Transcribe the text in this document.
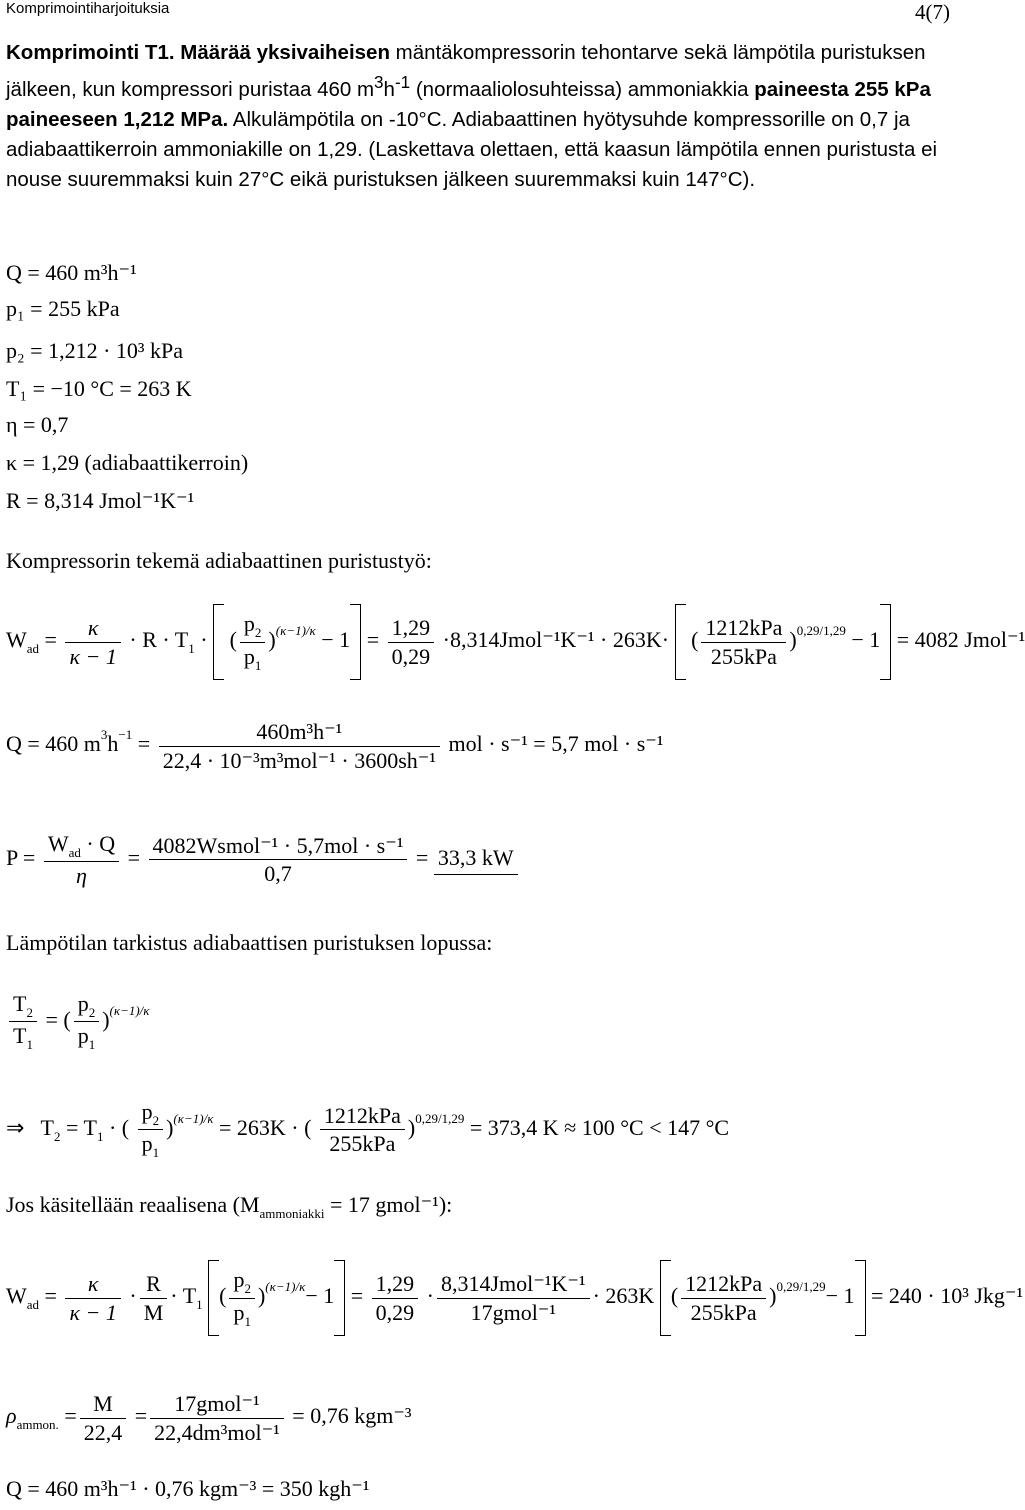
Komprimointiharjoituksia	4(7)
Komprimointi T1. Määrää yksivaiheisen mäntäkompressorin tehontarve sekä lämpötila puristuksen jälkeen, kun kompressori puristaa 460 $m^3h^{-1}$ (normaaliolosuhteissa) ammoniakkia paineesta 255 kPa paineeseen 1,212 MPa. Alkulämpötila on -10°C. Adiabaattinen hyötysuhde kompressorille on 0,7 ja adiabaattikerroin ammoniakille on 1,29. (Laskettava olettaen, että kaasun lämpötila ennen puristusta ei nouse suuremmaksi kuin 27°C eikä puristuksen jälkeen suuremmaksi kuin 147°C).
Q = 460 m³h⁻¹
p₁ = 255 kPa
p₂ = 1,212 · 10³ kPa
T₁ = −10 °C = 263 K
η = 0,7
κ = 1,29 (adiabaattikerroin)
R = 8,314 Jmol⁻¹K⁻¹
Kompressorin tekemä adiabaattinen puristustyö:
$W_{ad} = \frac{\kappa}{\kappa - 1} \cdot R \cdot T_1$ · ( $\frac{p_2}{p_1} )^{(\kappa-1)/\kappa} - 1 = \frac{1,29}{0,29}$ ·8,314Jmol⁻¹K⁻¹ · 263K· ( 1212kPa
255kPa
)$^{0,29/1,29}$ − 1 = 4082 Jmol⁻¹
Q = 460 $m^3h^{-1}$ =	460m³h⁻¹
22,4 · 10⁻³m³mol⁻¹ · 3600sh⁻¹
mol · s⁻¹ = 5,7 mol · s⁻¹
P =
$W_{ad} \cdot Q$
η
= 4082Wsmol⁻¹ · 5,7mol · s⁻¹
0,7
= 33,3 kW
Lämpötilan tarkistus adiabaattisen puristuksen lopussa:
$\frac{T_2}{T_1}$ = ( $\frac{p_2}{p_1} )^{(\kappa-1)/\kappa}$
⇒   $T_2 = T_1$ · ( $\frac{p_2}{p_1} )^{(\kappa-1)/\kappa} = 263K$ · ( 1212kPa
255kPa
)$^{0,29/1,29}$ = 373,4 K ≈ 100 °C < 147 °C
Jos käsitellään reaalisena ($M_{ammoniakki} = 17$ gmol⁻¹):
$W_{ad} = \frac{\kappa}{\kappa - 1} \cdot \frac{R}{M} \cdot T_1$ ( $\frac{p_2}{p_1} )^{(\kappa-1)/\kappa}- 1 = \frac{1,29}{0,29}$ · 8,314Jmol⁻¹K⁻¹
17gmol⁻¹
· 263K ( 1212kPa
255kPa
)$^{0,29/1,29}$− 1 = 240 · 10³ Jkg⁻¹
$\rho_{ammon.} = \frac{M}{22,4}$ =	17gmol⁻¹
22,4dm³mol⁻¹
= 0,76 kgm⁻³
Q = 460 m³h⁻¹ · 0,76 kgm⁻³ = 350 kgh⁻¹
